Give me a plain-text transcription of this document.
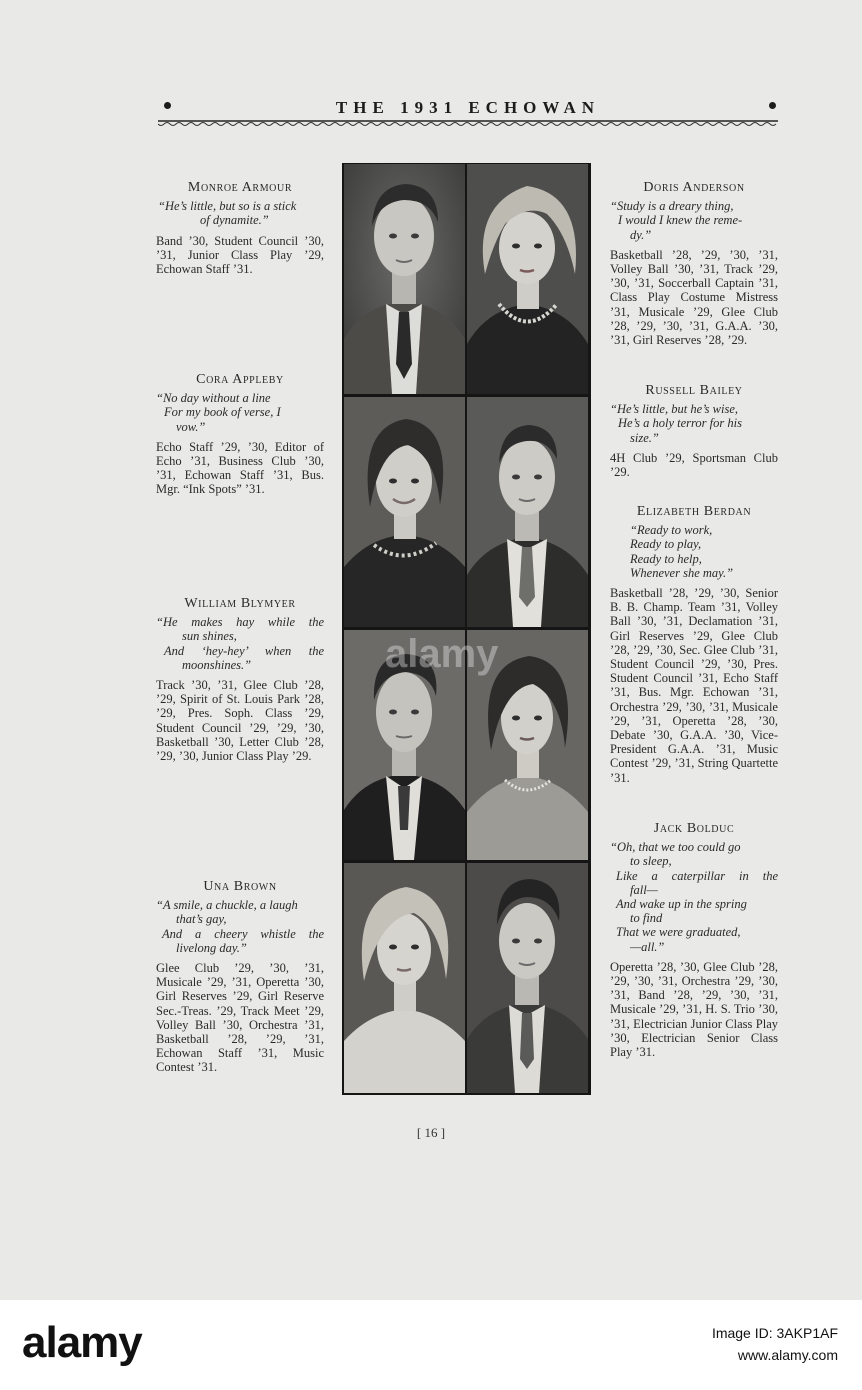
THE 1931 ECHOWAN
Monroe Armour

“He’s little, but so is a stick

of dynamite.”

Band ’30, Student Council ’30, ’31, Junior Class Play ’29, Echowan Staff ’31.
Cora Appleby

“No day without a line

For my book of verse, I

vow.”

Echo Staff ’29, ’30, Editor of Echo ’31, Business Club ’30, ’31, Echowan Staff ’31, Bus. Mgr. “Ink Spots” ’31.
William Blymyer

“He makes hay while the

sun shines,

And ‘hey-hey’ when the

moonshines.”

Track ’30, ’31, Glee Club ’28, ’29, Spirit of St. Louis Park ’28, ’29, Pres. Soph. Class ’29, Student Council ’29, ’29, ’30, Basketball ’30, Letter Club ’28, ’29, ’30, Junior Class Play ’29.
Una Brown

“A smile, a chuckle, a laugh

that’s gay,

And a cheery whistle the

livelong day.”

Glee Club ’29, ’30, ’31, Musicale ’29, ’31, Operetta ’30, Girl Reserves ’29, Girl Reserve Sec.-Treas. ’29, Track Meet ’29, Volley Ball ’30, Orchestra ’31, Basketball ’28, ’29, ’31, Echowan Staff ’31, Music Contest ’31.
Doris Anderson

“Study is a dreary thing,

I would I knew the reme-

dy.”

Basketball ’28, ’29, ’30, ’31, Volley Ball ’30, ’31, Track ’29, ’30, ’31, Soccerball Captain ’31, Class Play Costume Mistress ’31, Musicale ’29, Glee Club ’28, ’29, ’30, ’31, G.A.A. ’30, ’31, Girl Reserves ’28, ’29.
Russell Bailey

“He’s little, but he’s wise,

He’s a holy terror for his

size.”

4H Club ’29, Sportsman Club ’29.
Elizabeth Berdan

“Ready to work,

Ready to play,

Ready to help,

Whenever she may.”

Basketball ’28, ’29, ’30, Senior B. B. Champ. Team ’31, Volley Ball ’30, ’31, Declamation ’31, Girl Reserves ’29, Glee Club ’28, ’29, ’30, Sec. Glee Club ’31, Student Council ’29, ’30, Pres. Student Council ’31, Echo Staff ’31, Bus. Mgr. Echowan ’31, Orchestra ’29, ’30, ’31, Musicale ’29, ’31, Operetta ’28, ’30, Debate ’30, G.A.A. ’30, Vice-President G.A.A. ’31, Music Contest ’29, ’31, String Quartette ’31.
Jack Bolduc

“Oh, that we too could go

to sleep,

Like a caterpillar in the

fall—

And wake up in the spring

to find

That we were graduated,

—all.”

Operetta ’28, ’30, Glee Club ’28, ’29, ’30, ’31, Orchestra ’29, ’30, ’31, Band ’28, ’29, ’30, ’31, Musicale ’29, ’31, H. S. Trio ’30, ’31, Electrician Junior Class Play ’30, Electrician Senior Class Play ’31.
[ 16 ]
alamy
alamy	Image ID: 3AKP1AF
www.alamy.com
